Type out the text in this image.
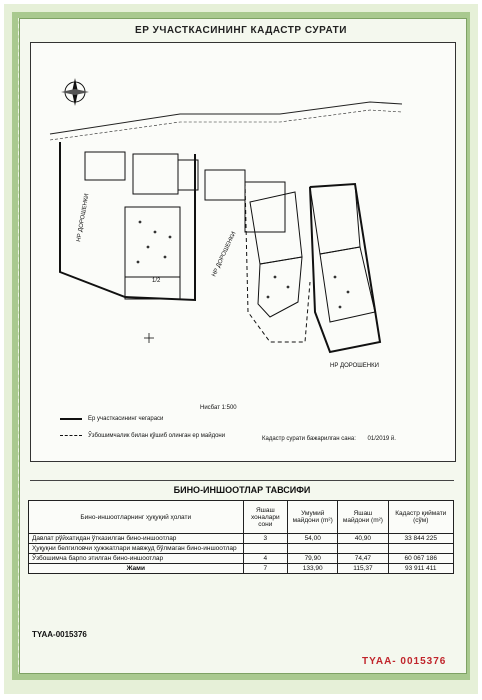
ЕР УЧАСТКАСИНИНГ КАДАСТР СУРАТИ
НР ДОРОШЕНКИ
НР ДОРОШЕНКИ
НР ДОРОШЕНКИ
1/2
Нисбат 1:500
Ер участкасининг чегараси
Ўзбошимчалик билан қўшиб олинган ер майдони	Кадастр сурати бажарилган сана: 01/2019 й.
БИНО-ИНШООТЛАР ТАВСИФИ
Бино-иншоотларнинг ҳуқуқий ҳолати	Яшаш хоналари сони	Умумий майдони (m²)	Яшаш майдони (m²)	Кадастр қиймати (сўм)
Давлат рўйхатидан ўтказилган бино-иншоотлар	3	54,00	40,90	33 844 225
Ҳуқуқни белгиловчи ҳужжатлари мавжуд бўлмаган бино-иншоотлар				
Ўзбошимча барпо этилган бино-иншоотлар	4	79,90	74,47	60 067 186
Жами	7	133,90	115,37	93 911 411
TYAA-0015376
TYAA- 0015376
